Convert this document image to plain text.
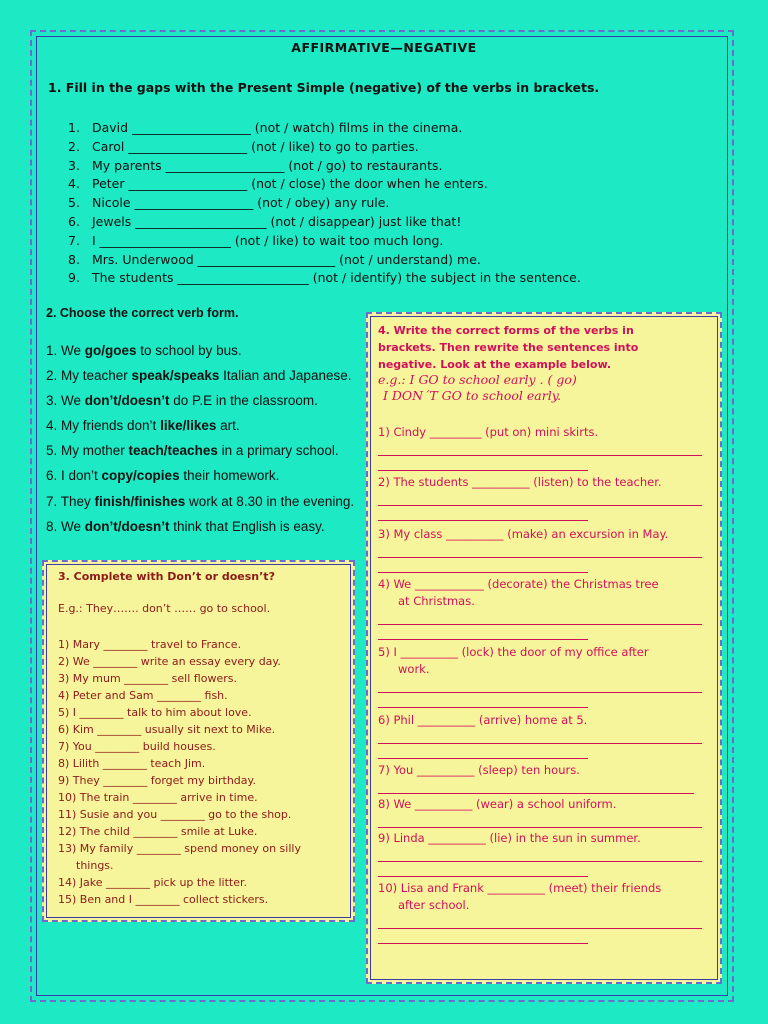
AFFIRMATIVE—NEGATIVE
1. Fill in the gaps with the Present Simple (negative) of the verbs in brackets.
1. David ___________________ (not / watch) films in the cinema.
2. Carol ___________________ (not / like) to go to parties.
3. My parents ___________________ (not / go) to restaurants.
4. Peter ___________________ (not / close) the door when he enters.
5. Nicole ___________________ (not / obey) any rule.
6. Jewels _____________________ (not / disappear) just like that!
7. I _____________________ (not / like) to wait too much long.
8. Mrs. Underwood ______________________ (not / understand) me.
9. The students _____________________ (not / identify) the subject in the sentence.
2. Choose the correct verb form.
1. We go/goes to school by bus.
2. My teacher speak/speaks Italian and Japanese.
3. We don’t/doesn’t do P.E in the classroom.
4. My friends don’t like/likes art.
5. My mother teach/teaches in a primary school.
6. I don’t copy/copies their homework.
7. They finish/finishes work at 8.30 in the evening.
8. We don’t/doesn’t think that English is easy.
3. Complete with Don’t or doesn’t?
E.g.: They……. don’t …… go to school.
1) Mary ________ travel to France.
2) We ________ write an essay every day.
3) My mum ________ sell flowers.
4) Peter and Sam ________ fish.
5) I ________ talk to him about love.
6) Kim ________ usually sit next to Mike.
7) You ________ build houses.
8) Lilith ________ teach Jim.
9) They ________ forget my birthday.
10) The train ________ arrive in time.
11) Susie and you ________ go to the shop.
12) The child ________ smile at Luke.
13) My family ________ spend money on silly
things.
14) Jake ________ pick up the litter.
15) Ben and I ________ collect stickers.
4. Write the correct forms of the verbs in brackets. Then rewrite the sentences into negative. Look at the example below.
e.g.: I GO to school early . ( go)
I DON´T GO to school early.
1) Cindy _________ (put on) mini skirts.
2) The students __________ (listen) to the teacher.
3) My class __________ (make) an excursion in May.
4) We ____________ (decorate) the Christmas tree
at Christmas.
5) I __________ (lock) the door of my office after
work.
6) Phil __________ (arrive) home at 5.
7) You __________ (sleep) ten hours.
8) We __________ (wear) a school uniform.
9) Linda __________ (lie) in the sun in summer.
10) Lisa and Frank __________ (meet) their friends
after school.
